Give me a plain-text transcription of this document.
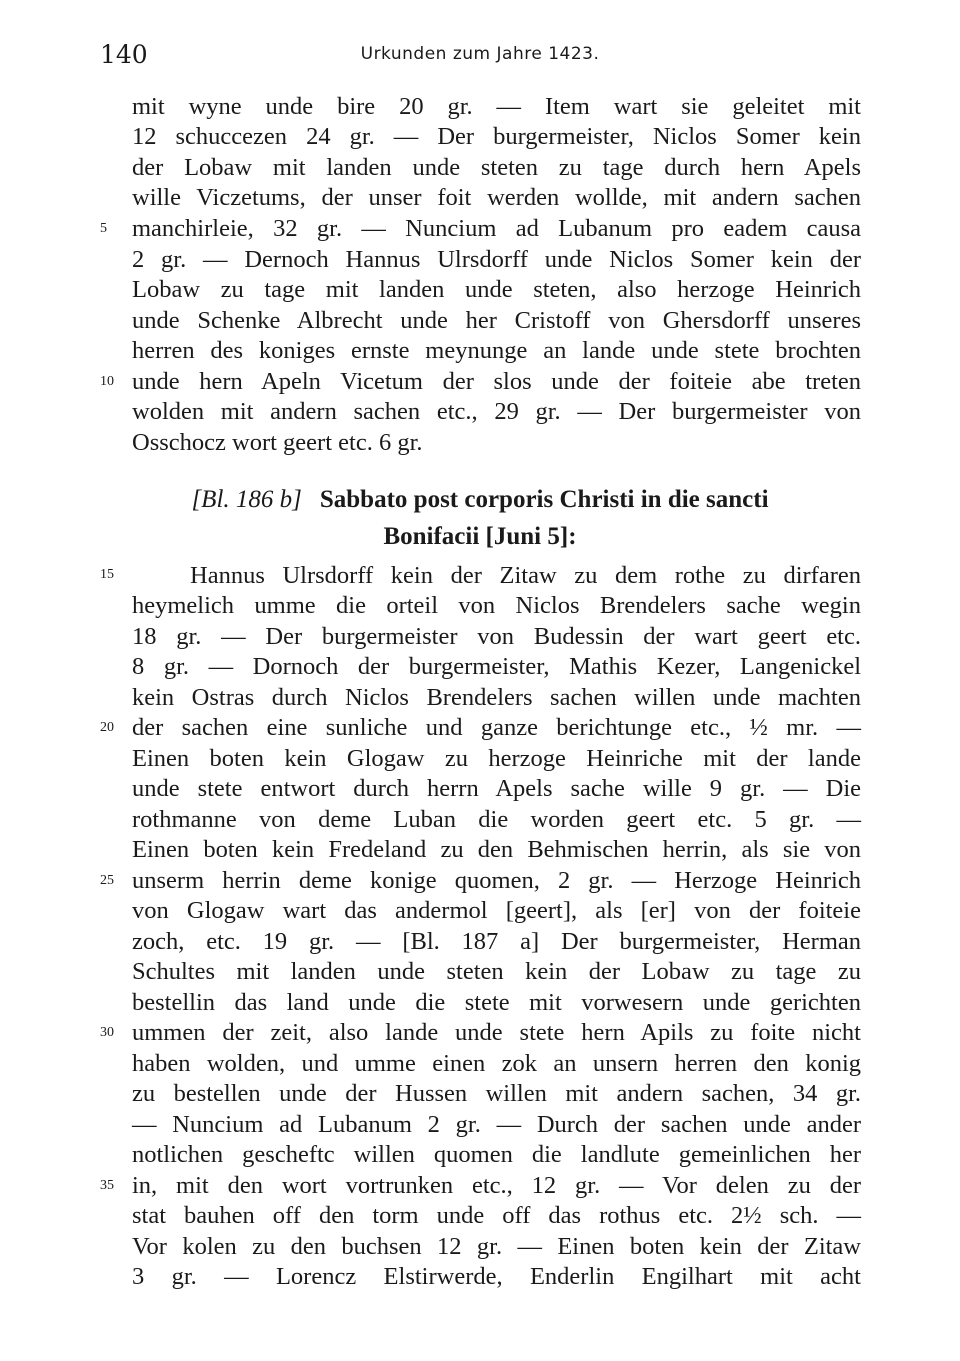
140	Urkunden zum Jahre 1423.
mit wyne unde bire 20 gr. — Item wart sie geleitet mit
12 schuccezen 24 gr. — Der burgermeister, Niclos Somer kein
der Lobaw mit landen unde steten zu tage durch hern Apels
wille Viczetums, der unser foit werden wollde, mit andern sachen
manchirleie, 32 gr. — Nuncium ad Lubanum pro eadem causa
2 gr. — Dernoch Hannus Ulrsdorff unde Niclos Somer kein der
Lobaw zu tage mit landen unde steten, also herzoge Heinrich
unde Schenke Albrecht unde her Cristoff von Ghersdorff unseres
herren des koniges ernste meynunge an lande unde stete brochten
unde hern Apeln Vicetum der slos unde der foiteie abe treten
wolden mit andern sachen etc., 29 gr. — Der burgermeister von
Osschocz wort geert etc. 6 gr.
[Bl. 186 b] Sabbato post corporis Christi in die sancti
Bonifacii [Juni 5]:
Hannus Ulrsdorff kein der Zitaw zu dem rothe zu dirfaren
heymelich umme die orteil von Niclos Brendelers sache wegin
18 gr. — Der burgermeister von Budessin der wart geert etc.
8 gr. — Dornoch der burgermeister, Mathis Kezer, Langenickel
kein Ostras durch Niclos Brendelers sachen willen unde machten
der sachen eine sunliche und ganze berichtunge etc., ½ mr. —
Einen boten kein Glogaw zu herzoge Heinriche mit der lande
unde stete entwort durch herrn Apels sache wille 9 gr. — Die
rothmanne von deme Luban die worden geert etc. 5 gr. —
Einen boten kein Fredeland zu den Behmischen herrin, als sie von
unserm herrin deme konige quomen, 2 gr. — Herzoge Heinrich
von Glogaw wart das andermol [geert], als [er] von der foiteie
zoch, etc. 19 gr. — [Bl. 187 a] Der burgermeister, Herman
Schultes mit landen unde steten kein der Lobaw zu tage zu
bestellin das land unde die stete mit vorwesern unde gerichten
ummen der zeit, also lande unde stete hern Apils zu foite nicht
haben wolden, und umme einen zok an unsern herren den konig
zu bestellen unde der Hussen willen mit andern sachen, 34 gr.
— Nuncium ad Lubanum 2 gr. — Durch der sachen unde ander
notlichen gescheftc willen quomen die landlute gemeinlichen her
in, mit den wort vortrunken etc., 12 gr. — Vor delen zu der
stat bauhen off den torm unde off das rothus etc. 2½ sch. —
Vor kolen zu den buchsen 12 gr. — Einen boten kein der Zitaw
3 gr. — Lorencz Elstirwerde, Enderlin Engilhart mit acht
5
10
15
20
25
30
35
